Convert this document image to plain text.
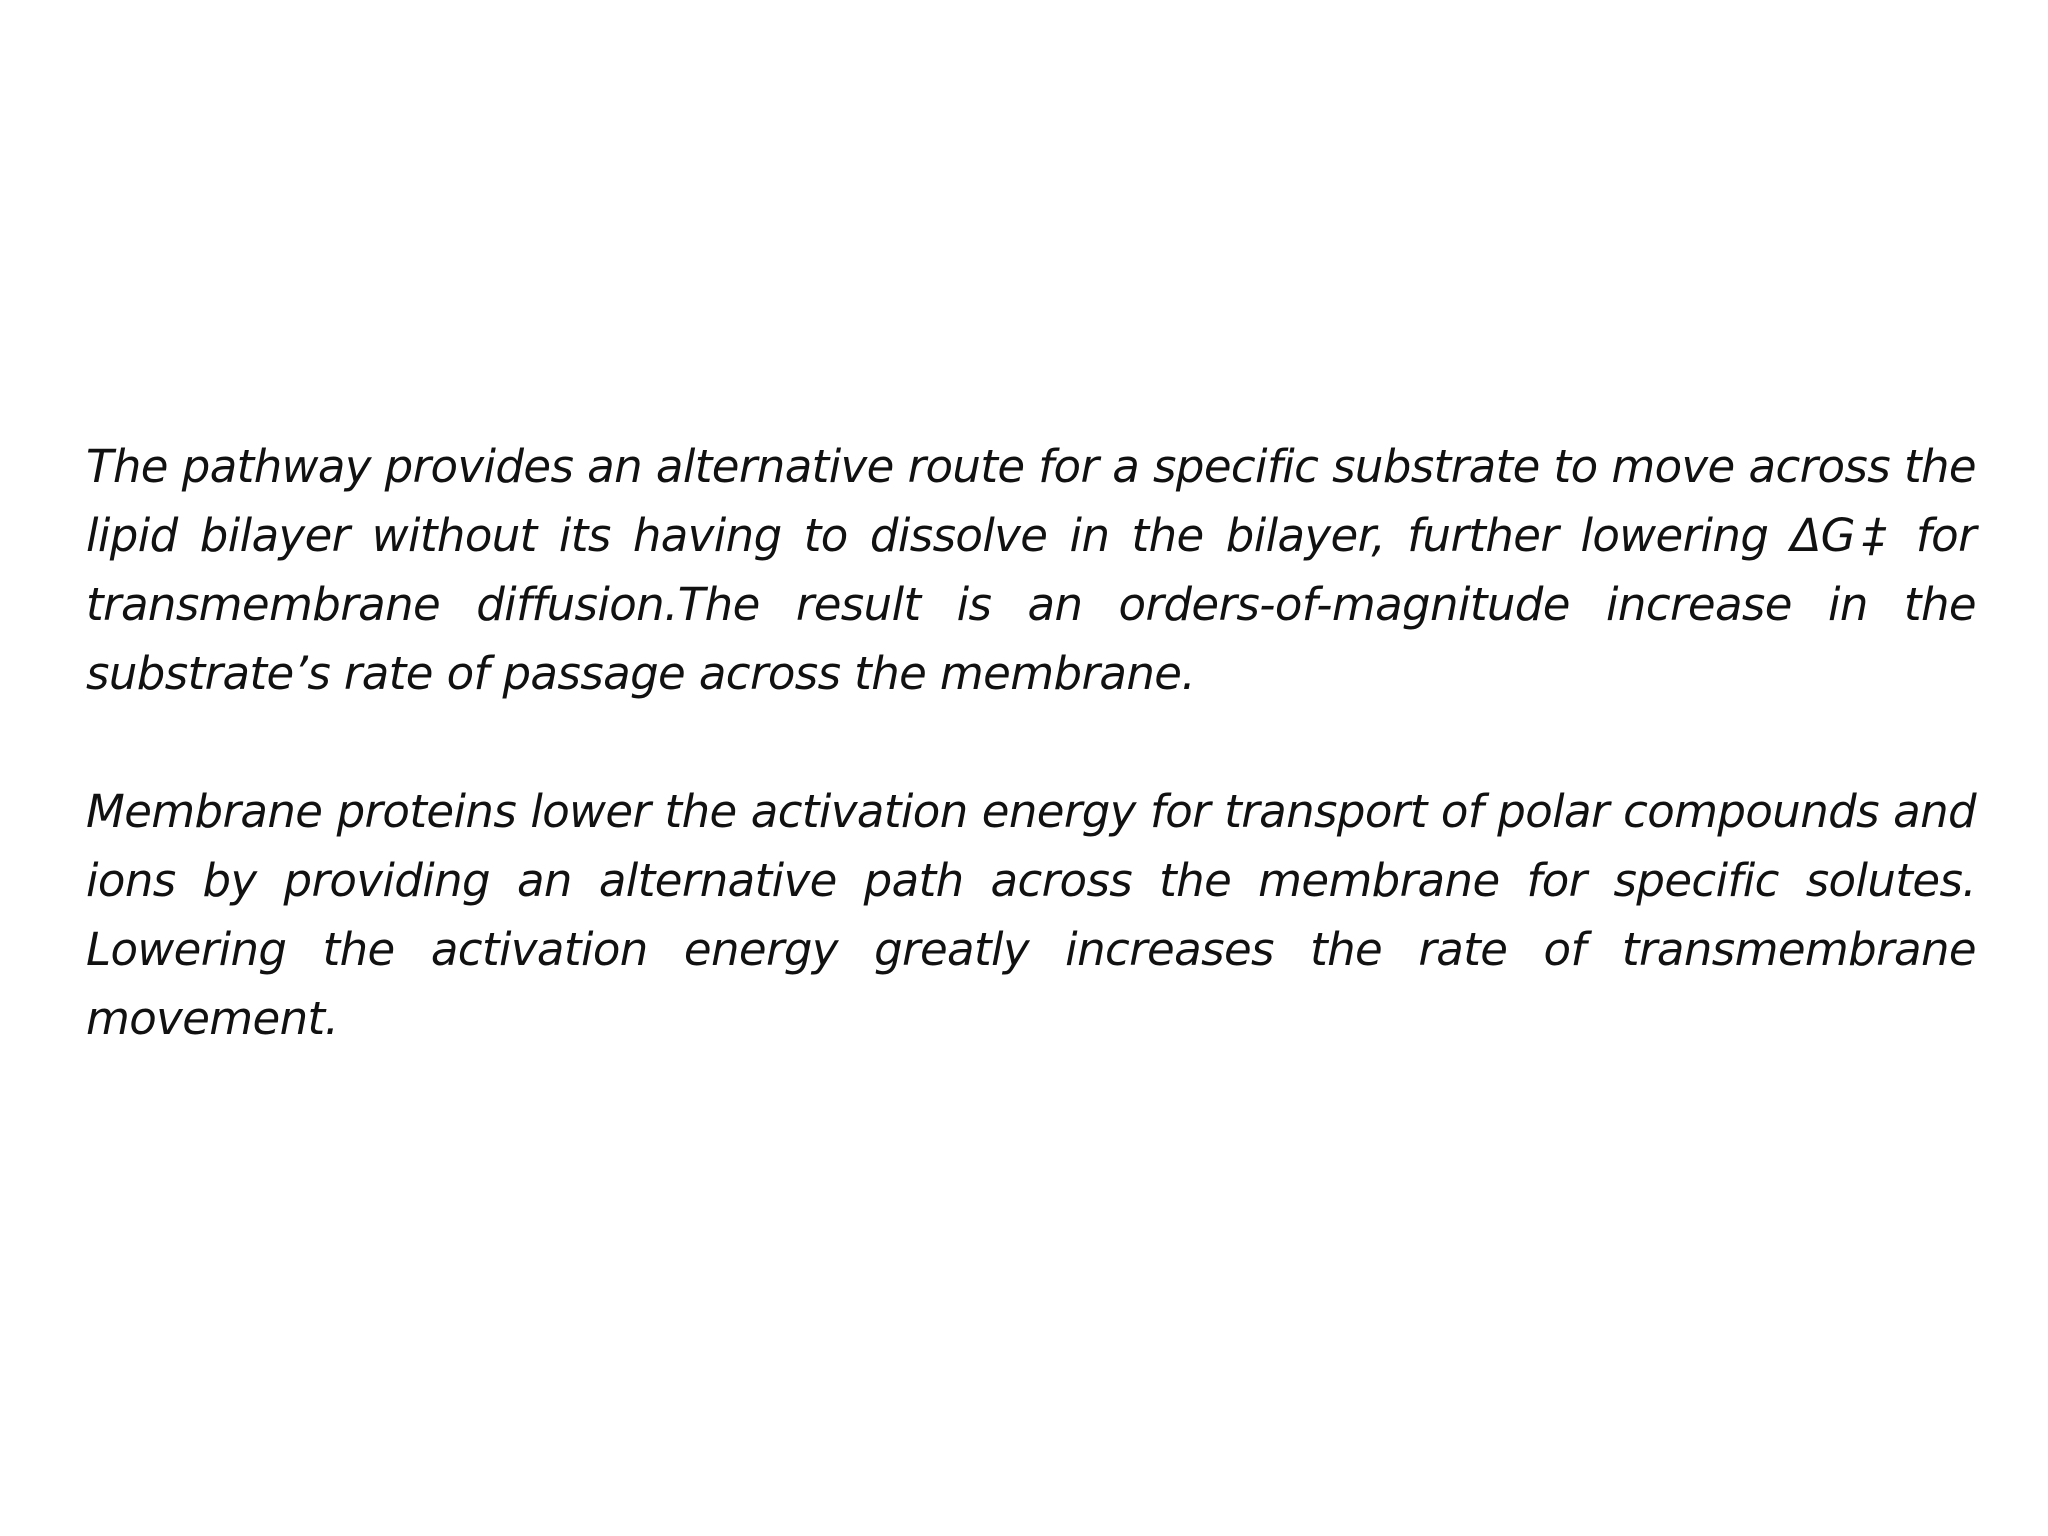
The pathway provides an alternative route for a specific substrate to move across the lipid bilayer without its having to dissolve in the bilayer, further lowering ΔG‡ for transmembrane diffusion.The result is an orders-of-magnitude increase in the substrate’s rate of passage across the membrane.

Membrane proteins lower the activation energy for transport of polar compounds and ions by providing an alternative path across the membrane for specific solutes. Lowering the activation energy greatly increases the rate of transmembrane movement.
